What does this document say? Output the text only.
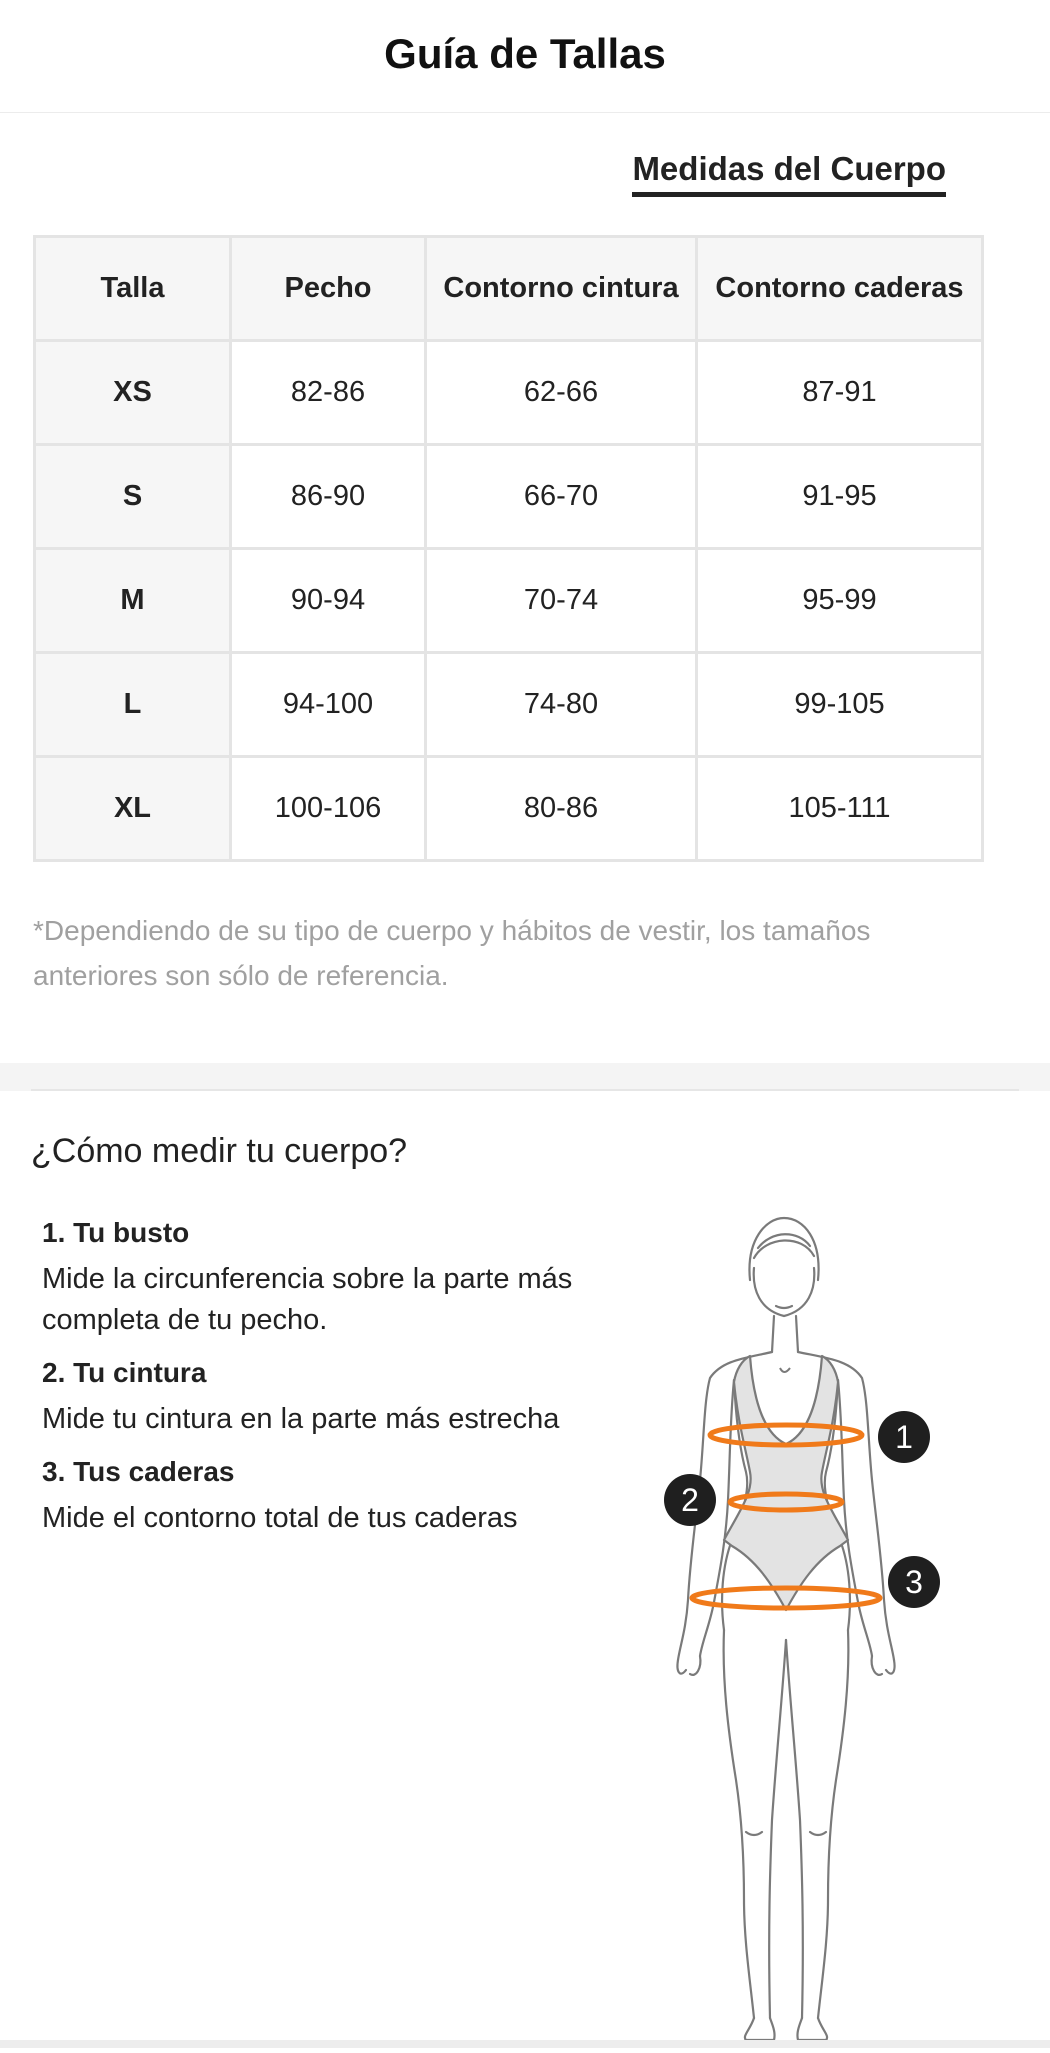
Guía de Tallas
Medidas del Cuerpo
Talla	Pecho	Contorno cintura	Contorno caderas
XS	82-86	62-66	87-91
S	86-90	66-70	91-95
M	90-94	70-74	95-99
L	94-100	74-80	99-105
XL	100-106	80-86	105-111
*Dependiendo de su tipo de cuerpo y hábitos de vestir, los tamaños anteriores son sólo de referencia.
¿Cómo medir tu cuerpo?
1. Tu busto
Mide la circunferencia sobre la parte más completa de tu pecho.
2. Tu cintura
Mide tu cintura en la parte más estrecha
3. Tus caderas
Mide el contorno total de tus caderas
1
2
3
